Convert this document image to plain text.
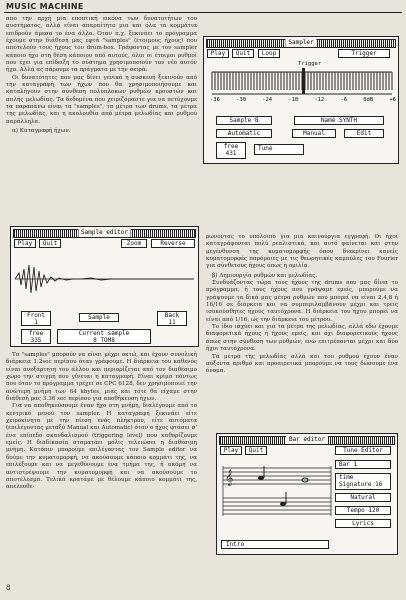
MUSIC MACHINE

απο την αρχή μια εποπτική εικόνα των δυνατοτήτων του συστήματος, αλλά είναι απαραίτητο μια και όλα τα κομμάτια επιδρούν άμεσα το ένα άλλο. Όταν π.χ. ξεκινάει το πρόγραμμα έχουμε στην διάθεσή μας εφτά "samples" (έτοιμους ήχους) που αποτελούν τους ήχους του drum-box. Γράφοντας με τον sampler κάποιο ήχο στη θέση κάποιου από αυτούς, όλοι οι έτοιμοι ρυθμοί που έχει για επίδειξη το σύστημα χρησιμοποιούν τον νέο αυτόν ήχο. Αλλά ας πάρουμε τα πράγματα με την σειρά.

Οι δυνατότητες που μας δίνει γενικά η συσκευή ξεκινούν από την καταγραφή των ήχων που θα χρησιμοποιήσουμε και καταλήγουν στην σύνθεση πολύπλοκων ρυθμών κρουστών και απλής μελωδίας. Τα δεδομένα που χειριζόμαστε για να πετύχουμε τα παραπάνω είναι τα "samples", τα μέτρα των drums, τα μέτρα της μελωδίας, και η ακολουθία από μέτρα μελωδίας και ρυθμού παράλληλα.

α) Καταγραφή ήχων.

Τα "samples" μπορούν να είναι μέχρι οκτώ, και έχουν συνολική διάρκεια 1.2sec περίπου όταν γράφουμε. Η διάρκεια του καθενός είναι ανεξάρτητη του άλλου και περιορίζεται από τον διαθέσιμο χώρο την στιγμή που γίνεται η καταγραφή. Είναι κρίμα πάντως που όταν το πρόγραμμα τρέχει σε CPC 6128, δεν χρησιμοποιεί την ανώτερη μνήμη των 64 kbytes, μιας και τότε θα είχαμε στην διάθεσή μας 3.36 sec περίπου για αποθήκευση ήχων.

Για να αποθηκεύσουμε έναν ήχο στη μνήμη, διαλέγουμε από το κεντρικό μενού τον sampler. Η καταγραφή ξεκινάει είτε χειροκίνητα με την πίεση ενός πλήκτρου, είτε αυτόματα (επιλέγοντας μεταξύ Manual και Automatic) όταν ο ήχος φτάσει σ' ένα επίπεδο σκανδαλισμού (triggering level) που καθορίζουμε εμείς. Η διαδικασία σταματάει μόλις τελειώσει η διαθέσιμη μνήμη. Κατόπιν μπορούμε επιλέγοντας τον Sample editor να δούμε την κυματομορφή, να ακούσουμε κάποιο κομμάτι της, να επιλέξουμε και να μεγεθύνουμε ένα τμήμα της, ή ακόμη να αντιστρέψουμε την κυματομορφή και να ακούσουμε το αποτέλεσμα. Τελικά κρατάμε με θέλουμε κάποιο κομμάτι της, απελευθε-

ρωνοντας το υπόλοιπο για μια καινούργια εγγραφή. Οι ήχοι καταγράφονται πολύ ρεαλιστικά, και αυτό φαίνεται και στην μεγένθυνση της κυματομορφής όπου διακρίνει κανείς κυματομορφές παρόμοιες με τις θεωρητικές καμπύλες του Fourier για σύνθετους ήχους όπως η ομιλία.

β) Δημιουργία ρυθμών και μελωδίας.

Συνδυάζοντας τώρα τους ήχους της drums που μας δίνει το πρόγραμμα, ή τους ήχους που γράψαμε εμείς, μπορούμε να γράψουμε τα δικά μας μέτρα ρυθμών που μπορεί να είναι 2,4,8 ή 16/16 σε διάρκεια και να συμπεριλαμβάνουν μέχρι και τρεις ισοκούσθητες ήχους ταυτόχρονα. Η διάρκεια του ήχου μπορεί να είναι από 1/16, ως την διάρκεια του μέτρου.

Το ίδιο ισχύει και για τα μέτρα της μελωδίας, αλλά εδώ έχουμε διαφορετικά ήχους ή ήχους εμείς, και όχι διαφορετικούς ήχους όπως στην σύνθεση των ρυθμών, ενώ επιτρέπονται μέχρι και δύο ήχοι ταυτόχρονα.

Τα μέτρα της μελωδίας αλλά και του ρυθμού έχουν έναν αύξοντα αριθμό και προαιρετικά μπορούμε να τους δώσουμε ένα όνομα.

Sampler
Play	Quit	Loop	Trigger
Trigger
-36	-30	-24	-18	-12	-6	0dB	+6
Sample 8	Name SYNTH
Automatic	Manual	Edit
free
431
Tune
Sample editor
Play	Quit	Zoom	Reverse
Front
1
Sample	Back
11
free
335
Current sample
8 TOM8
Bar editor
Play	Quit	Tune Editor
𝄞
Bar 1
time
Signature 16
Natural
Tempo 120
Lyrics
Intro
8
